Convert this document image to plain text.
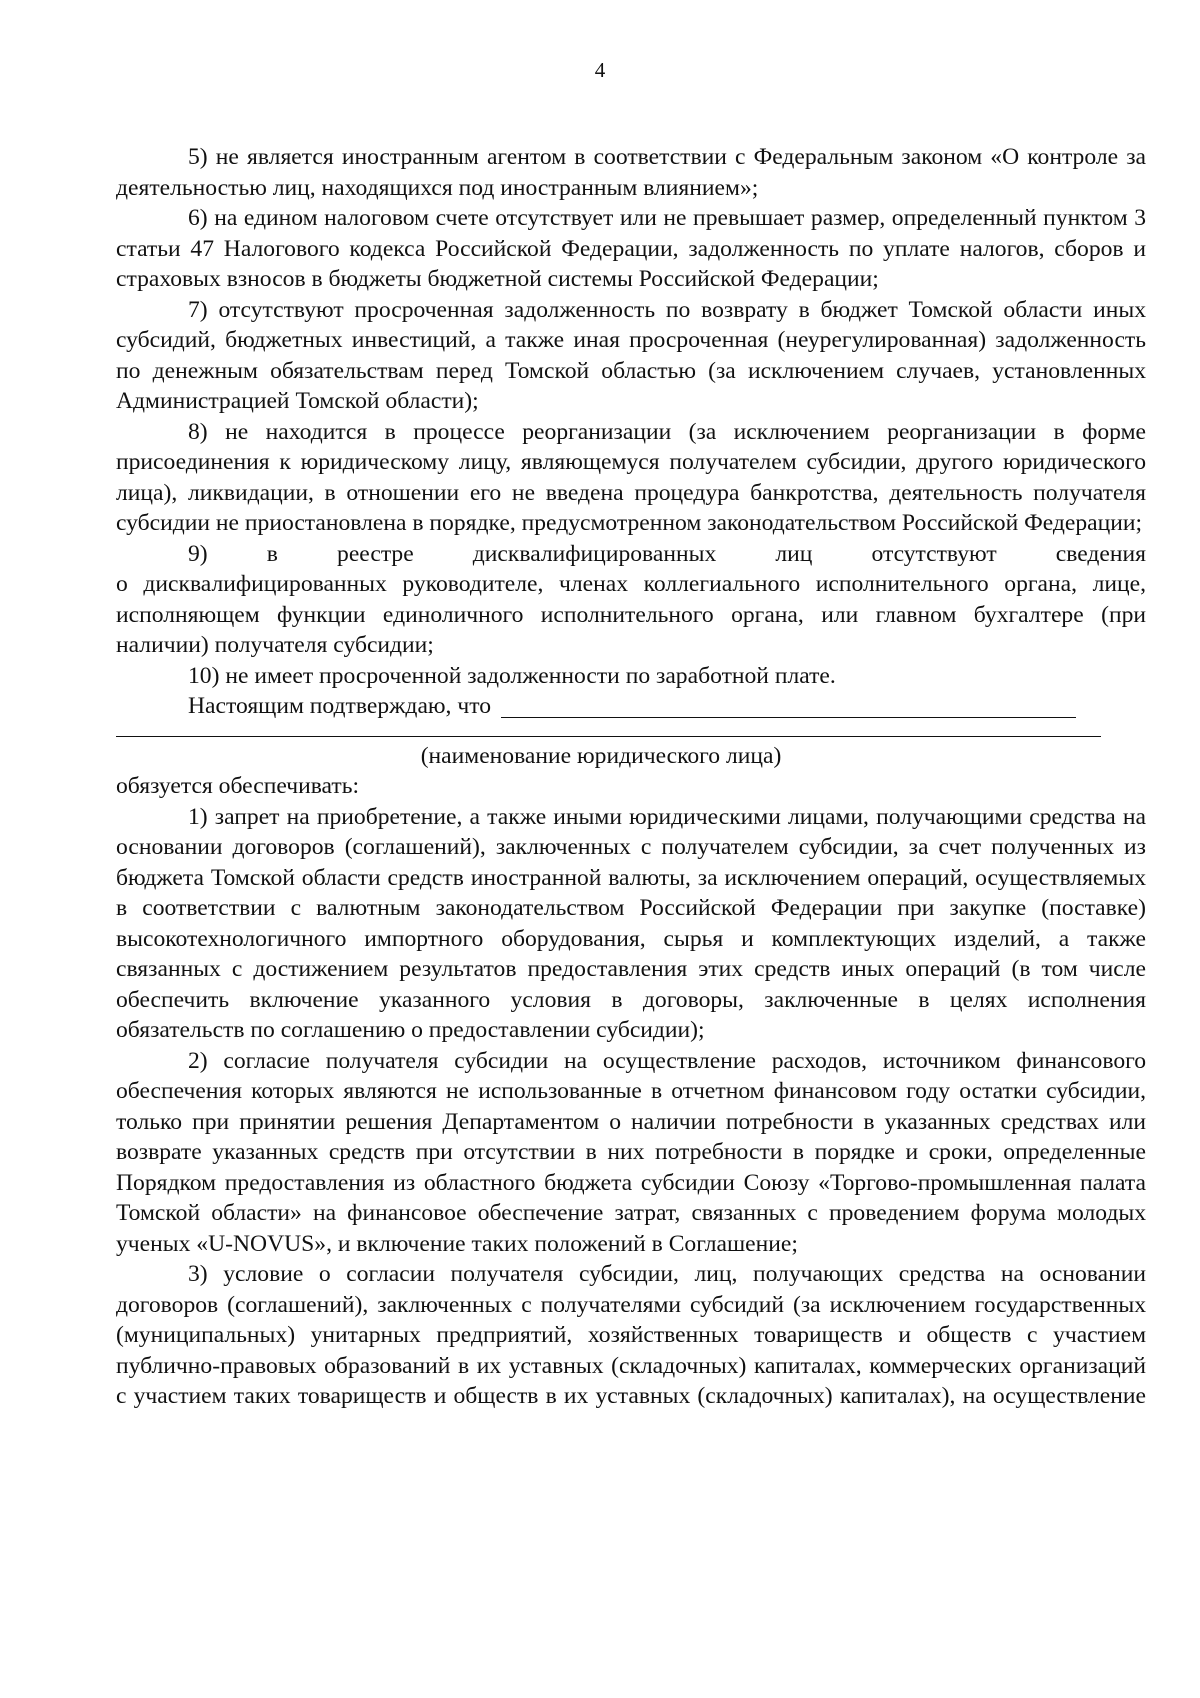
4

5) не является иностранным агентом в соответствии с Федеральным законом «О контроле за деятельностью лиц, находящихся под иностранным влиянием»;

6) на едином налоговом счете отсутствует или не превышает размер, определенный пунктом 3 статьи 47 Налогового кодекса Российской Федерации, задолженность по уплате налогов, сборов и страховых взносов в бюджеты бюджетной системы Российской Федерации;

7) отсутствуют просроченная задолженность по возврату в бюджет Томской области иных субсидий, бюджетных инвестиций, а также иная просроченная (неурегулированная) задолженность по денежным обязательствам перед Томской областью (за исключением случаев, установленных Администрацией Томской области);

8) не находится в процессе реорганизации (за исключением реорганизации в форме присоединения к юридическому лицу, являющемуся получателем субсидии, другого юридического лица), ликвидации, в отношении его не введена процедура банкротства, деятельность получателя субсидии не приостановлена в порядке, предусмотренном законодательством Российской Федерации;

9) в реестре дисквалифицированных лиц отсутствуют сведения

о дисквалифицированных руководителе, членах коллегиального исполнительного органа, лице, исполняющем функции единоличного исполнительного органа, или главном бухгалтере (при наличии) получателя субсидии;

10) не имеет просроченной задолженности по заработной плате.

Настоящим подтверждаю, что

(наименование юридического лица)

обязуется обеспечивать:

1) запрет на приобретение, а также иными юридическими лицами, получающими средства на основании договоров (соглашений), заключенных с получателем субсидии, за счет полученных из бюджета Томской области средств иностранной валюты, за исключением операций, осуществляемых в соответствии с валютным законодательством Российской Федерации при закупке (поставке) высокотехнологичного импортного оборудования, сырья и комплектующих изделий, а также связанных с достижением результатов предоставления этих средств иных операций (в том числе обеспечить включение указанного условия в договоры, заключенные в целях исполнения обязательств по соглашению о предоставлении субсидии);

2) согласие получателя субсидии на осуществление расходов, источником финансового обеспечения которых являются не использованные в отчетном финансовом году остатки субсидии, только при принятии решения Департаментом о наличии потребности в указанных средствах или возврате указанных средств при отсутствии в них потребности в порядке и сроки, определенные Порядком предоставления из областного бюджета субсидии Союзу «Торгово-промышленная палата Томской области» на финансовое обеспечение затрат, связанных с проведением форума молодых ученых «U-NOVUS», и включение таких положений в Соглашение;

3) условие о согласии получателя субсидии, лиц, получающих средства на основании договоров (соглашений), заключенных с получателями субсидий (за исключением государственных (муниципальных) унитарных предприятий, хозяйственных товариществ и обществ с участием публично-правовых образований в их уставных (складочных) капиталах, коммерческих организаций с участием таких товариществ и обществ в их уставных (складочных) капиталах), на осуществление
